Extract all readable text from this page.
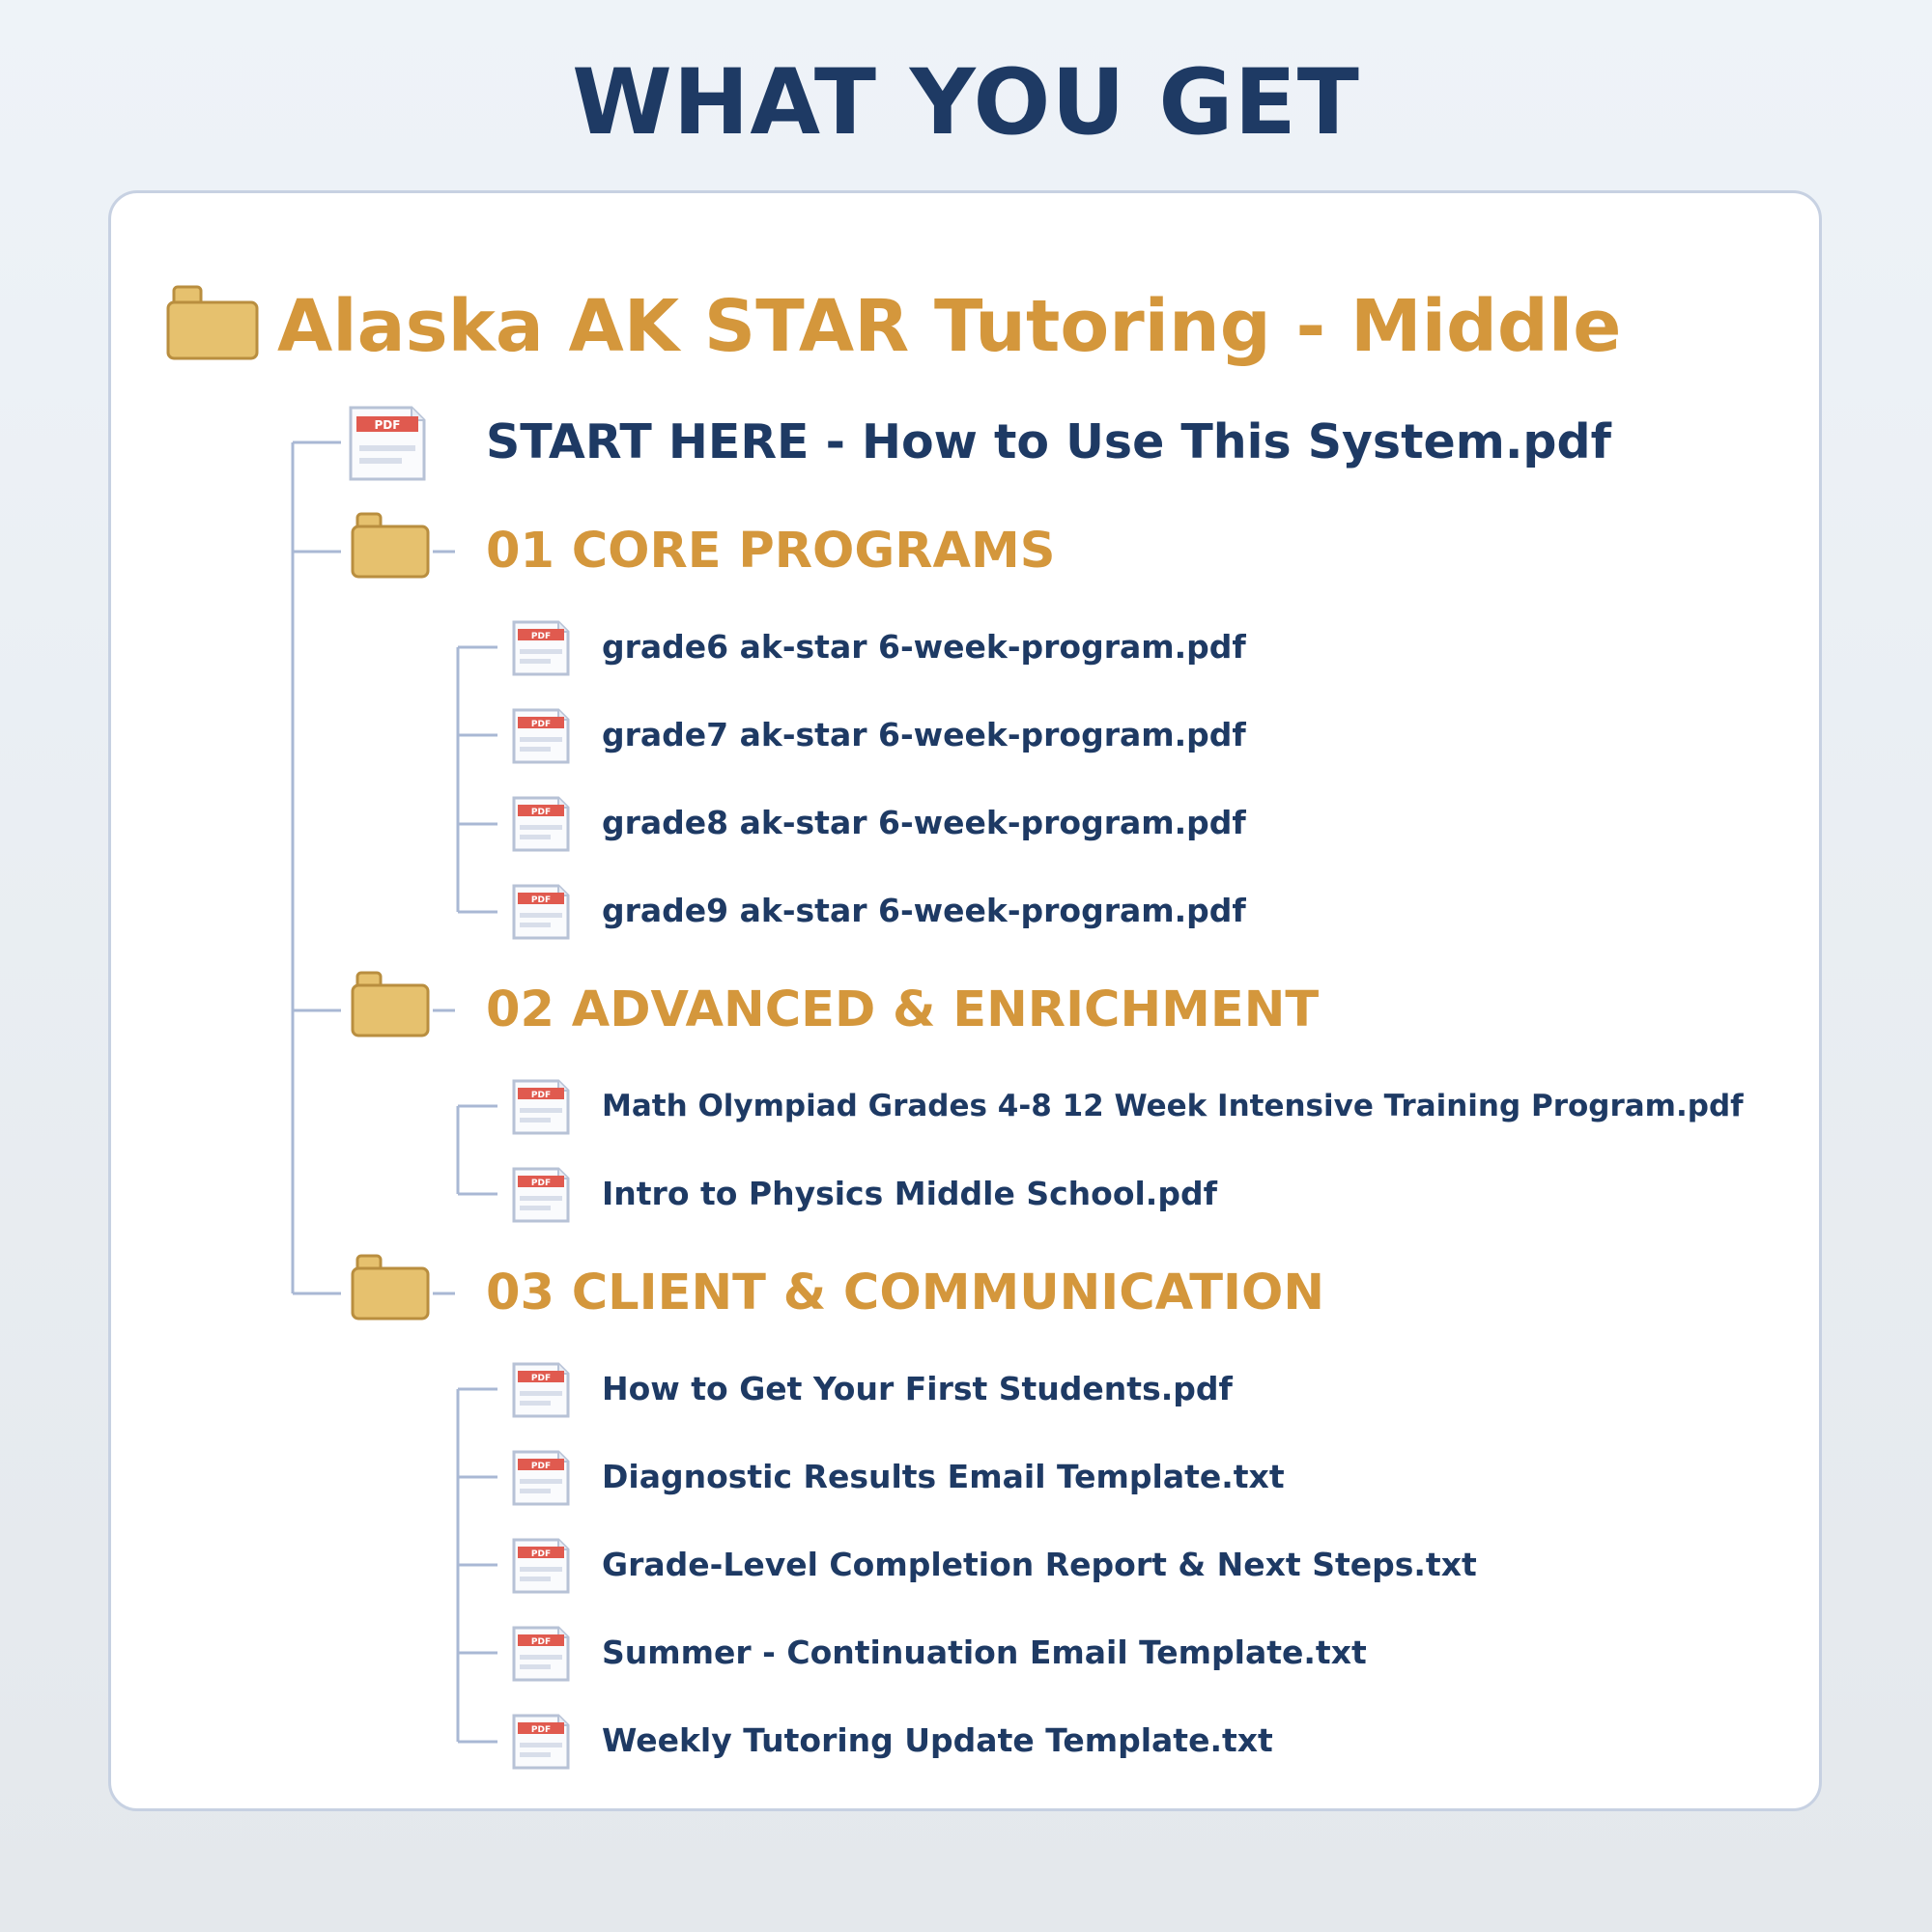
WHAT YOU GET
Alaska AK STAR Tutoring - Middle
PDF START HERE - How to Use This System.pdf
01 CORE PROGRAMS
PDF grade6 ak-star 6-week-program.pdf
PDF grade7 ak-star 6-week-program.pdf
PDF grade8 ak-star 6-week-program.pdf
PDF grade9 ak-star 6-week-program.pdf
02 ADVANCED & ENRICHMENT
PDF Math Olympiad Grades 4-8 12 Week Intensive Training Program.pdf
PDF Intro to Physics Middle School.pdf
03 CLIENT & COMMUNICATION
PDF How to Get Your First Students.pdf
PDF Diagnostic Results Email Template.txt
PDF Grade-Level Completion Report & Next Steps.txt
PDF Summer - Continuation Email Template.txt
PDF Weekly Tutoring Update Template.txt
